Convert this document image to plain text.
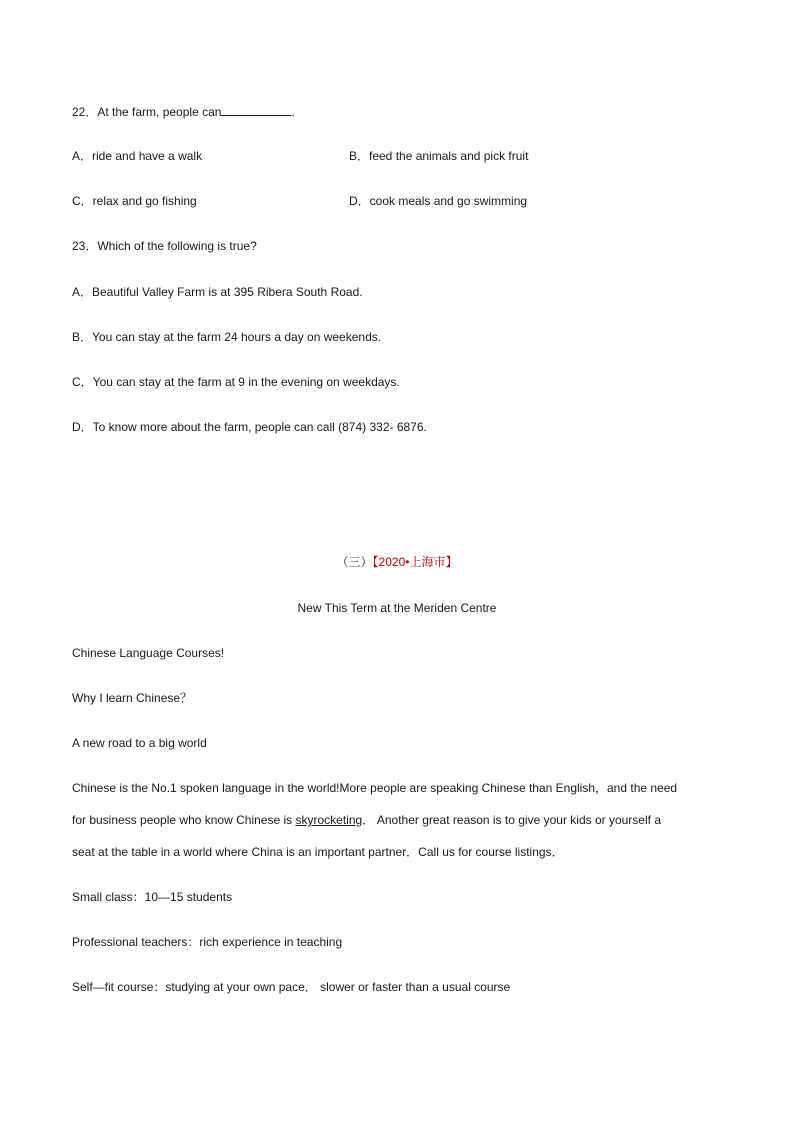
22．At the farm, people can	.
A．ride and have a walk	B．feed the animals and pick fruit
C．relax and go fishing	D．cook meals and go swimming
23．Which of the following is true?
A．Beautiful Valley Farm is at 395 Ribera South Road.
B．You can stay at the farm 24 hours a day on weekends.
C．You can stay at the farm at 9 in the evening on weekdays.
D．To know more about the farm, people can call (874) 332- 6876.
（三）【2020•上海市】
New This Term at the Meriden Centre
Chinese Language Courses!
Why I learn Chinese？
A new road to a big world
Chinese is the No.1 spoken language in the world!More people are speaking Chinese than English，and the need
for business people who know Chinese is skyrocketing． Another great reason is to give your kids or yourself a
seat at the table in a world where China is an important partner．Call us for course listings．
Small class：10—15 students
Professional teachers：rich experience in teaching
Self—fit course：studying at your own pace． slower or faster than a usual course
